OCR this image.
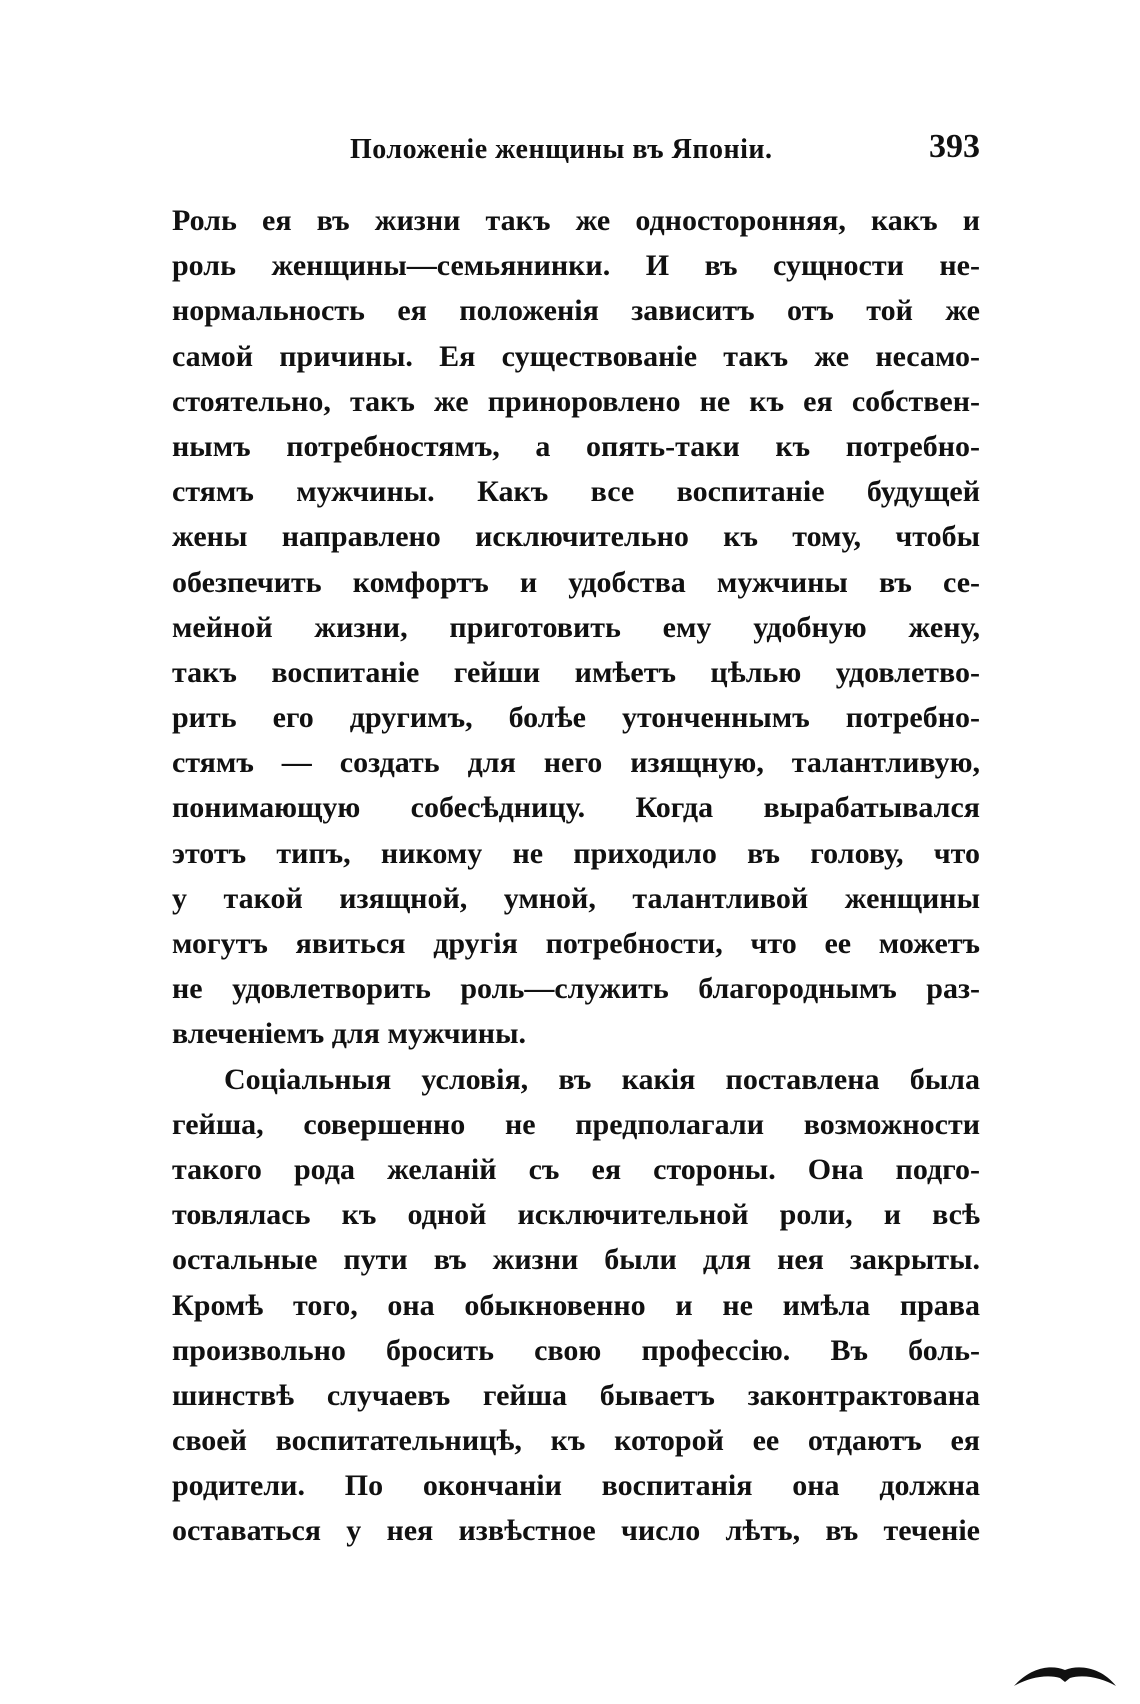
Положеніе женщины въ Японіи.	393
Роль ея въ жизни такъ же односторонняя, какъ и
роль женщины—семьянинки. И въ сущности не-
нормальность ея положенія зависитъ отъ той же
самой причины. Ея существованіе такъ же несамо-
стоятельно, такъ же приноровлено не къ ея собствен-
нымъ потребностямъ, а опять-таки къ потребно-
стямъ мужчины. Какъ все воспитаніе будущей
жены направлено исключительно къ тому, чтобы
обезпечить комфортъ и удобства мужчины въ се-
мейной жизни, приготовить ему удобную жену,
такъ воспитаніе гейши имѣетъ цѣлью удовлетво-
рить его другимъ, болѣе утонченнымъ потребно-
стямъ — создать для него изящную, талантливую,
понимающую собесѣдницу. Когда вырабатывался
этотъ типъ, никому не приходило въ голову, что
у такой изящной, умной, талантливой женщины
могутъ явиться другія потребности, что ее можетъ
не удовлетворить роль—служить благороднымъ раз-
влеченіемъ для мужчины.
Соціальныя условія, въ какія поставлена была
гейша, совершенно не предполагали возможности
такого рода желаній съ ея стороны. Она подго-
товлялась къ одной исключительной роли, и всѣ
остальные пути въ жизни были для нея закрыты.
Кромѣ того, она обыкновенно и не имѣла права
произвольно бросить свою профессію. Въ боль-
шинствѣ случаевъ гейша бываетъ законтрактована
своей воспитательницѣ, къ которой ее отдаютъ ея
родители. По окончаніи воспитанія она должна
оставаться у нея извѣстное число лѣтъ, въ теченіе
